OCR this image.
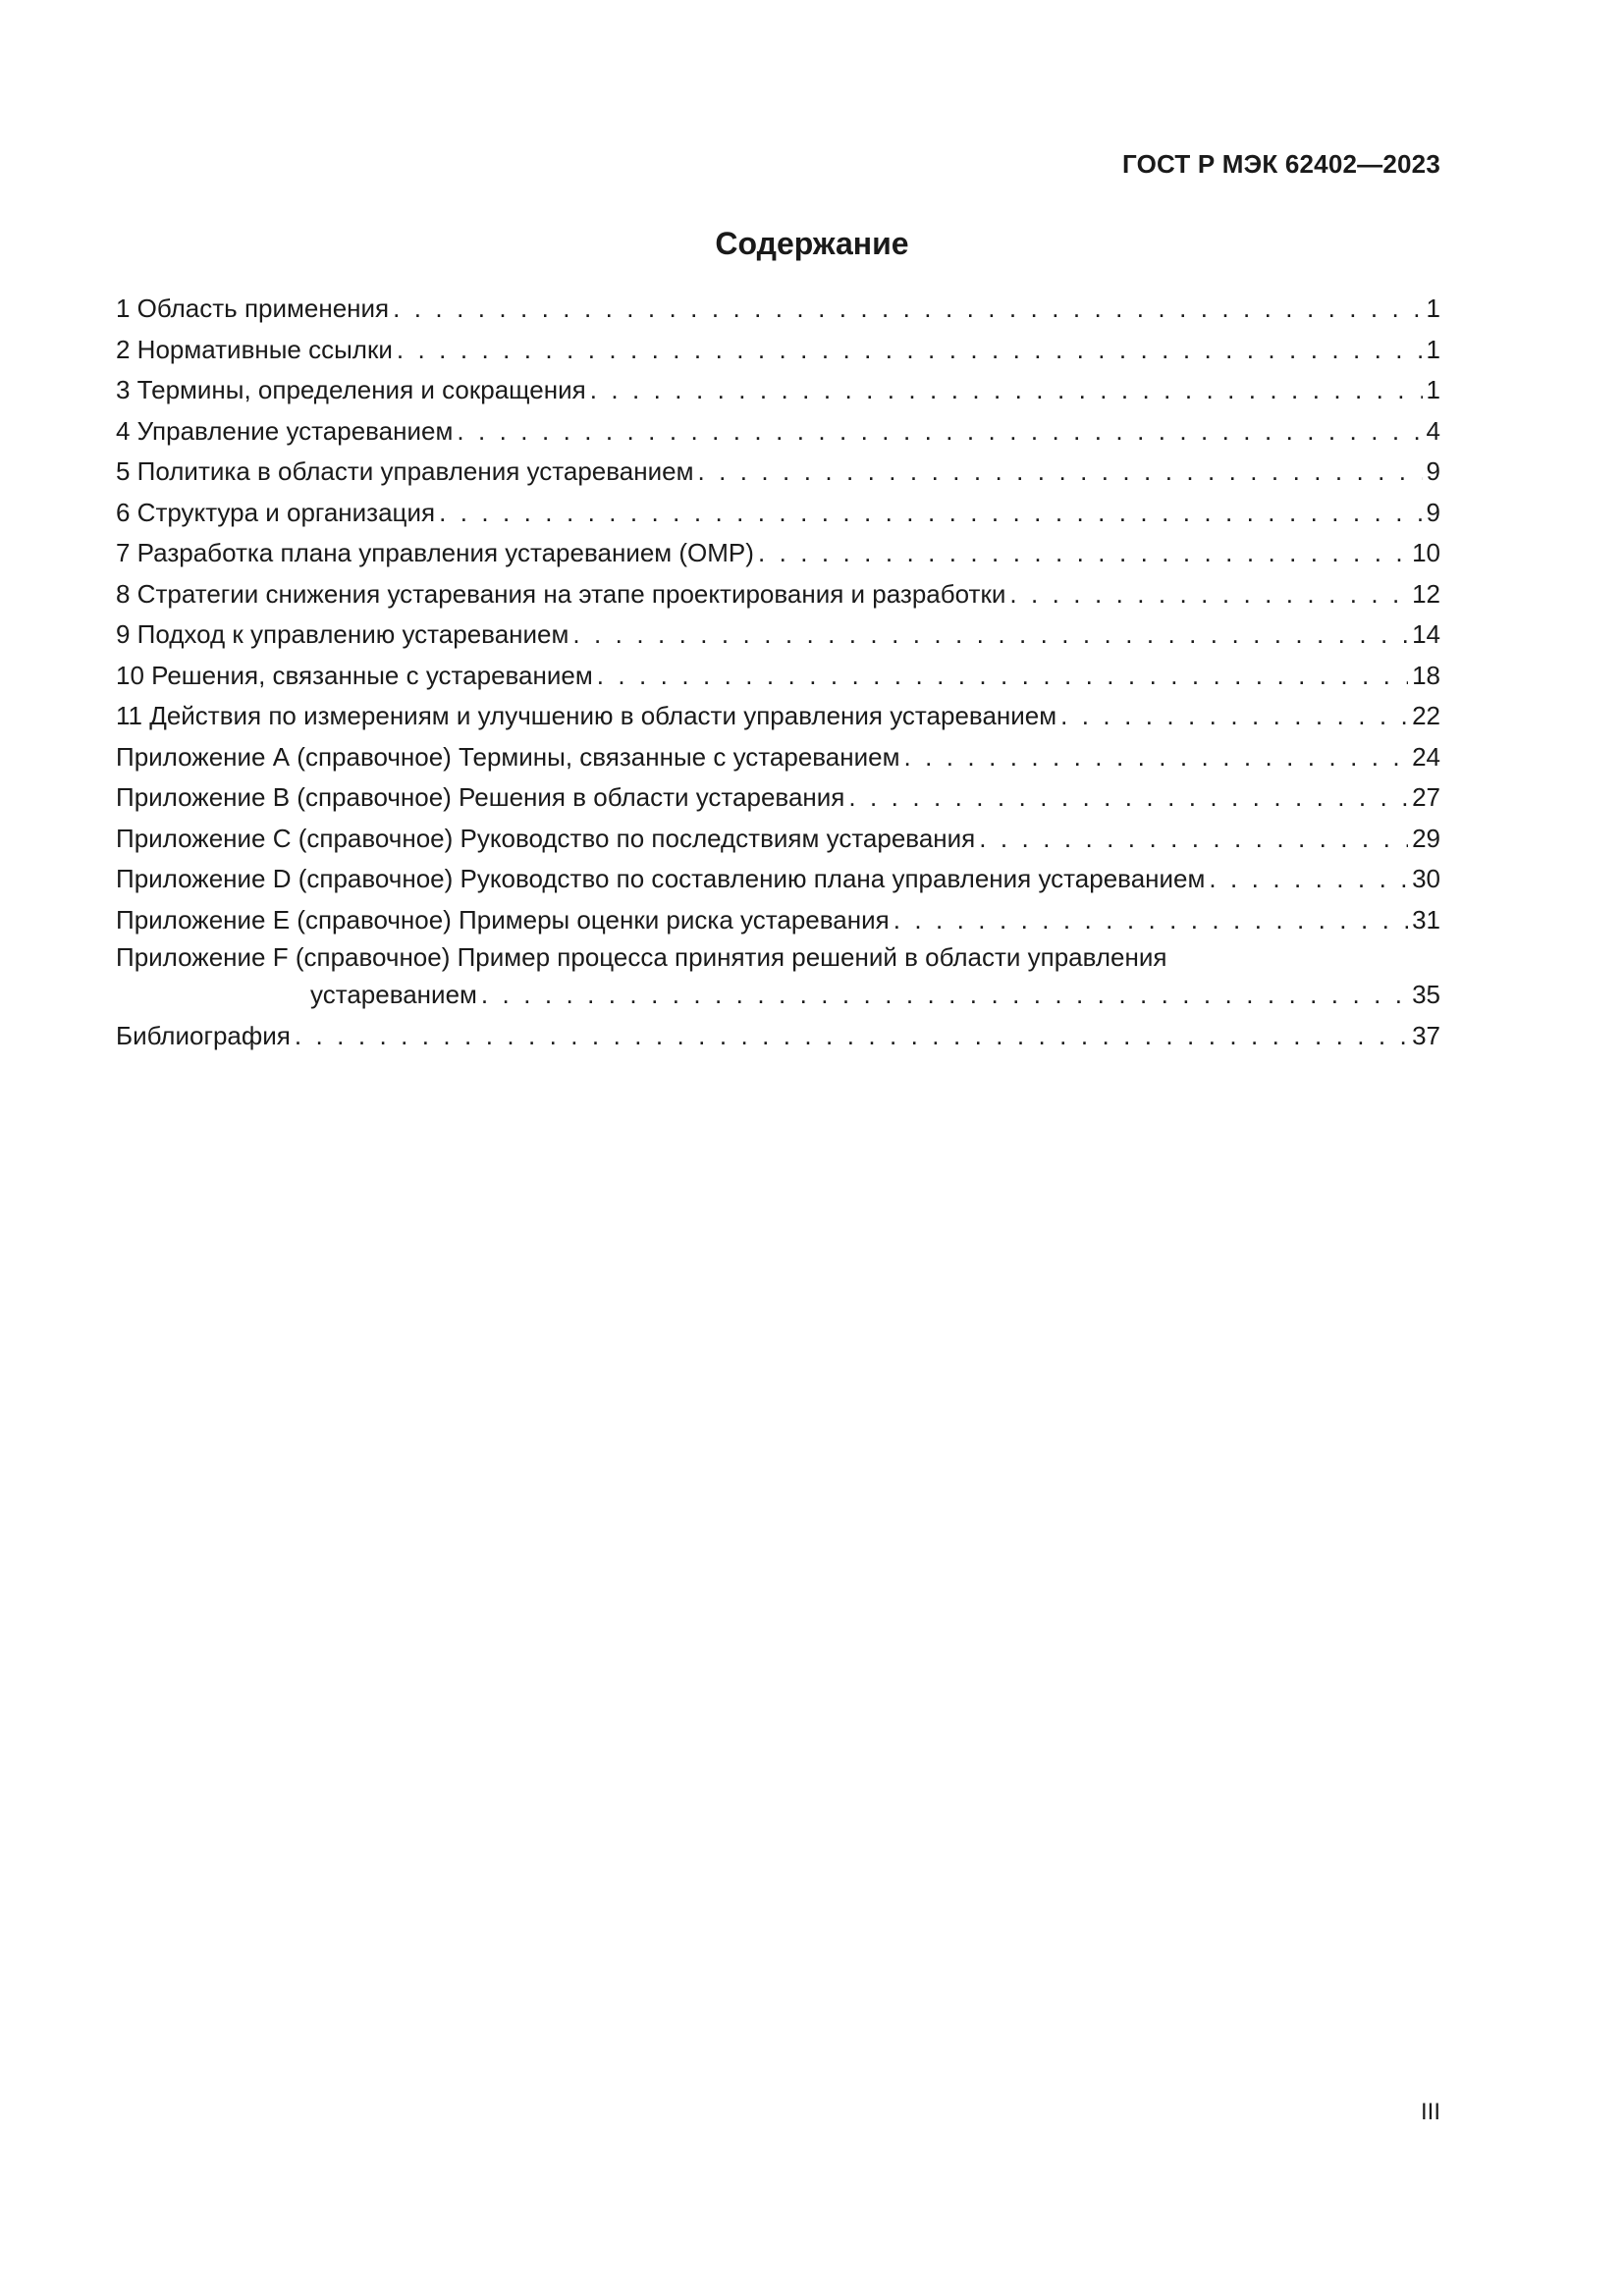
ГОСТ Р МЭК 62402—2023
Содержание
1 Область применения . . .	1
2 Нормативные ссылки . . .	1
3 Термины, определения и сокращения . . .	1
4 Управление устареванием . . .	4
5 Политика в области управления устареванием . . .	9
6 Структура и организация . . .	9
7 Разработка плана управления устареванием (OMP) . . .	10
8 Стратегии снижения устаревания на этапе проектирования и разработки . . .	12
9 Подход к управлению устареванием . . .	14
10 Решения, связанные с устареванием . . .	18
11 Действия по измерениям и улучшению в области управления устареванием . . .	22
Приложение А (справочное) Термины, связанные с устареванием . . .	24
Приложение В (справочное) Решения в области устаревания . . .	27
Приложение С (справочное) Руководство по последствиям устаревания . . .	29
Приложение D (справочное) Руководство по составлению плана управления устареванием . . .	30
Приложение Е (справочное) Примеры оценки риска устаревания . . .	31
Приложение F (справочное) Пример процесса принятия решений в области управления
устареванием . . .	35
Библиография . . .	37
III
